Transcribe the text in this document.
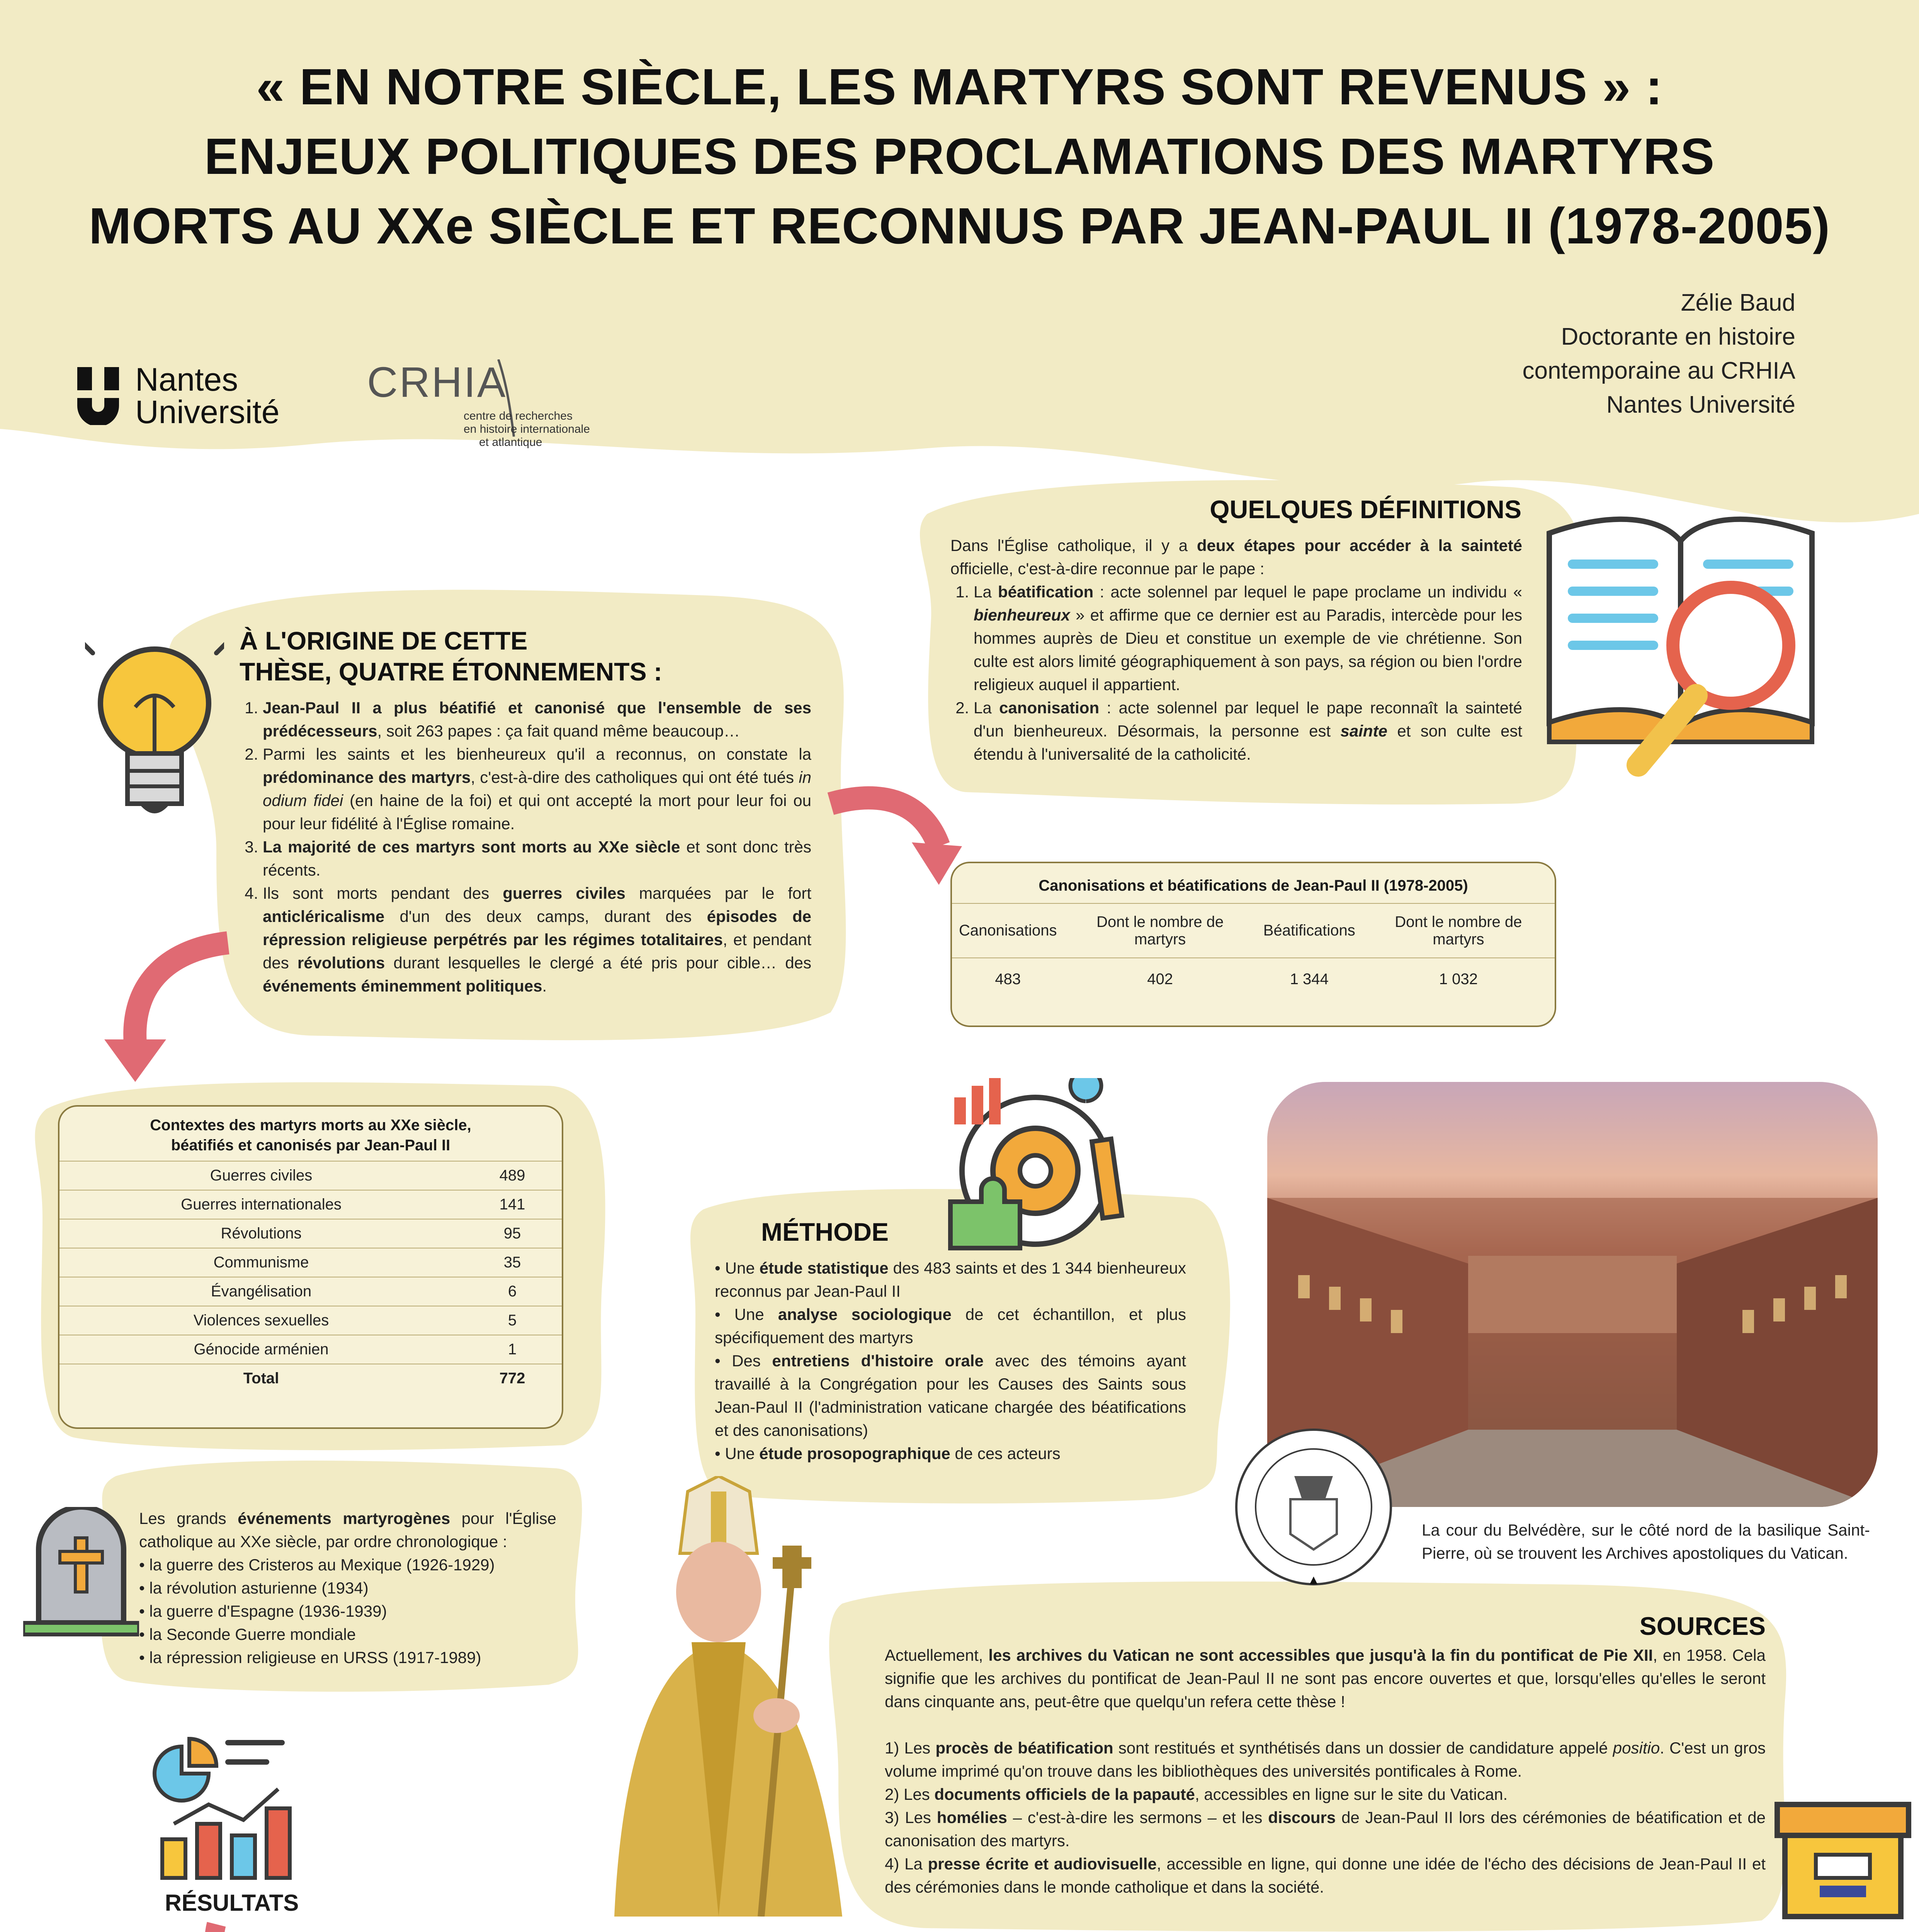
« EN NOTRE SIÈCLE, LES MARTYRS SONT REVENUS » :
ENJEUX POLITIQUES DES PROCLAMATIONS DES MARTYRS
MORTS AU XXe SIÈCLE ET RECONNUS PAR JEAN-PAUL II (1978-2005)
Zélie Baud
Doctorante en histoire
contemporaine au CRHIA
Nantes Université
Nantes
Université
CRHIA
centre de recherches
en histoire internationale
et atlantique
QUELQUES DÉFINITIONS
Dans l'Église catholique, il y a deux étapes pour accéder à la sainteté officielle, c'est-à-dire reconnue par le pape :
1. La béatification : acte solennel par lequel le pape proclame un individu « bienheureux » et affirme que ce dernier est au Paradis, intercède pour les hommes auprès de Dieu et constitue un exemple de vie chrétienne. Son culte est alors limité géographiquement à son pays, sa région ou bien l'ordre religieux auquel il appartient.
2. La canonisation : acte solennel par lequel le pape reconnaît la sainteté d'un bienheureux. Désormais, la personne est sainte et son culte est étendu à l'universalité de la catholicité.
À L'ORIGINE DE CETTE
THÈSE, QUATRE ÉTONNEMENTS :
1. Jean-Paul II a plus béatifié et canonisé que l'ensemble de ses prédécesseurs, soit 263 papes : ça fait quand même beaucoup…
2. Parmi les saints et les bienheureux qu'il a reconnus, on constate la prédominance des martyrs, c'est-à-dire des catholiques qui ont été tués in odium fidei (en haine de la foi) et qui ont accepté la mort pour leur foi ou pour leur fidélité à l'Église romaine.
3. La majorité de ces martyrs sont morts au XXe siècle et sont donc très récents.
4. Ils sont morts pendant des guerres civiles marquées par le fort anticléricalisme d'un des deux camps, durant des épisodes de répression religieuse perpétrés par les régimes totalitaires, et pendant des révolutions durant lesquelles le clergé a été pris pour cible… des événements éminemment politiques.
Canonisations et béatifications de Jean-Paul II (1978-2005)
Canonisations	Dont le nombre de martyrs	Béatifications	Dont le nombre de martyrs
483	402	1 344	1 032
Contextes des martyrs morts au XXe siècle,
béatifiés et canonisés par Jean-Paul II
Guerres civiles	489
Guerres internationales	141
Révolutions	95
Communisme	35
Évangélisation	6
Violences sexuelles	5
Génocide arménien	1
Total	772
MÉTHODE
• Une étude statistique des 483 saints et des 1 344 bienheureux reconnus par Jean-Paul II
• Une analyse sociologique de cet échantillon, et plus spécifiquement des martyrs
• Des entretiens d'histoire orale avec des témoins ayant travaillé à la Congrégation pour les Causes des Saints sous Jean-Paul II (l'administration vaticane chargée des béatifications et des canonisations)
• Une étude prosopographique de ces acteurs
La cour du Belvédère, sur le côté nord de la basilique Saint-Pierre, où se trouvent les Archives apostoliques du Vatican.
Les grands événements martyrogènes pour l'Église catholique au XXe siècle, par ordre chronologique :
• la guerre des Cristeros au Mexique (1926-1929)
• la révolution asturienne (1934)
• la guerre d'Espagne (1936-1939)
• la Seconde Guerre mondiale
• la répression religieuse en URSS (1917-1989)
SOURCES
Actuellement, les archives du Vatican ne sont accessibles que jusqu'à la fin du pontificat de Pie XII, en 1958. Cela signifie que les archives du pontificat de Jean-Paul II ne sont pas encore ouvertes et que, lorsqu'elles qu'elles le seront dans cinquante ans, peut-être que quelqu'un refera cette thèse !
1) Les procès de béatification sont restitués et synthétisés dans un dossier de candidature appelé positio. C'est un gros volume imprimé qu'on trouve dans les bibliothèques des universités pontificales à Rome.
2) Les documents officiels de la papauté, accessibles en ligne sur le site du Vatican.
3) Les homélies – c'est-à-dire les sermons – et les discours de Jean-Paul II lors des cérémonies de béatification et de canonisation des martyrs.
4) La presse écrite et audiovisuelle, accessible en ligne, qui donne une idée de l'écho des décisions de Jean-Paul II et des cérémonies dans le monde catholique et dans la société.
RÉSULTATS
